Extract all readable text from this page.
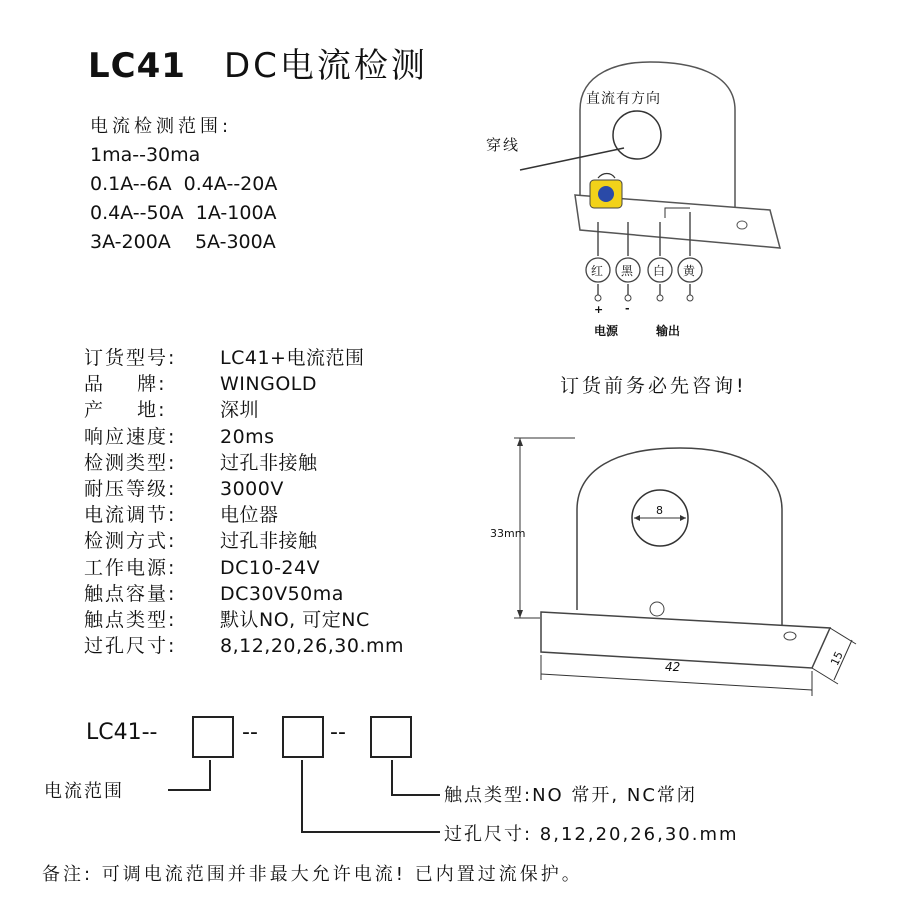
LC41 DC电流检测
电流检测范围:
1ma--30ma
0.1A--6A  0.4A--20A
0.4A--50A  1A-100A
3A-200A    5A-300A
订货型号:	LC41+电流范围
品    牌:	WINGOLD
产    地:	深圳
响应速度:	20ms
检测类型:	过孔非接触
耐压等级:	3000V
电流调节:	电位器
检测方式:	过孔非接触
工作电源:	DC10-24V
触点容量:	DC30V50ma
触点类型:	默认NO, 可定NC
过孔尺寸:	8,12,20,26,30.mm
LC41--	--	--
电流范围	触点类型:NO 常开, NC常闭
过孔尺寸: 8,12,20,26,30.mm
备注: 可调电流范围并非最大允许电流! 已内置过流保护。
订货前务必先咨询!
直流有方向
穿线
红 黑 白 黄
+ -
电源	输出
33mm
8
42	15
